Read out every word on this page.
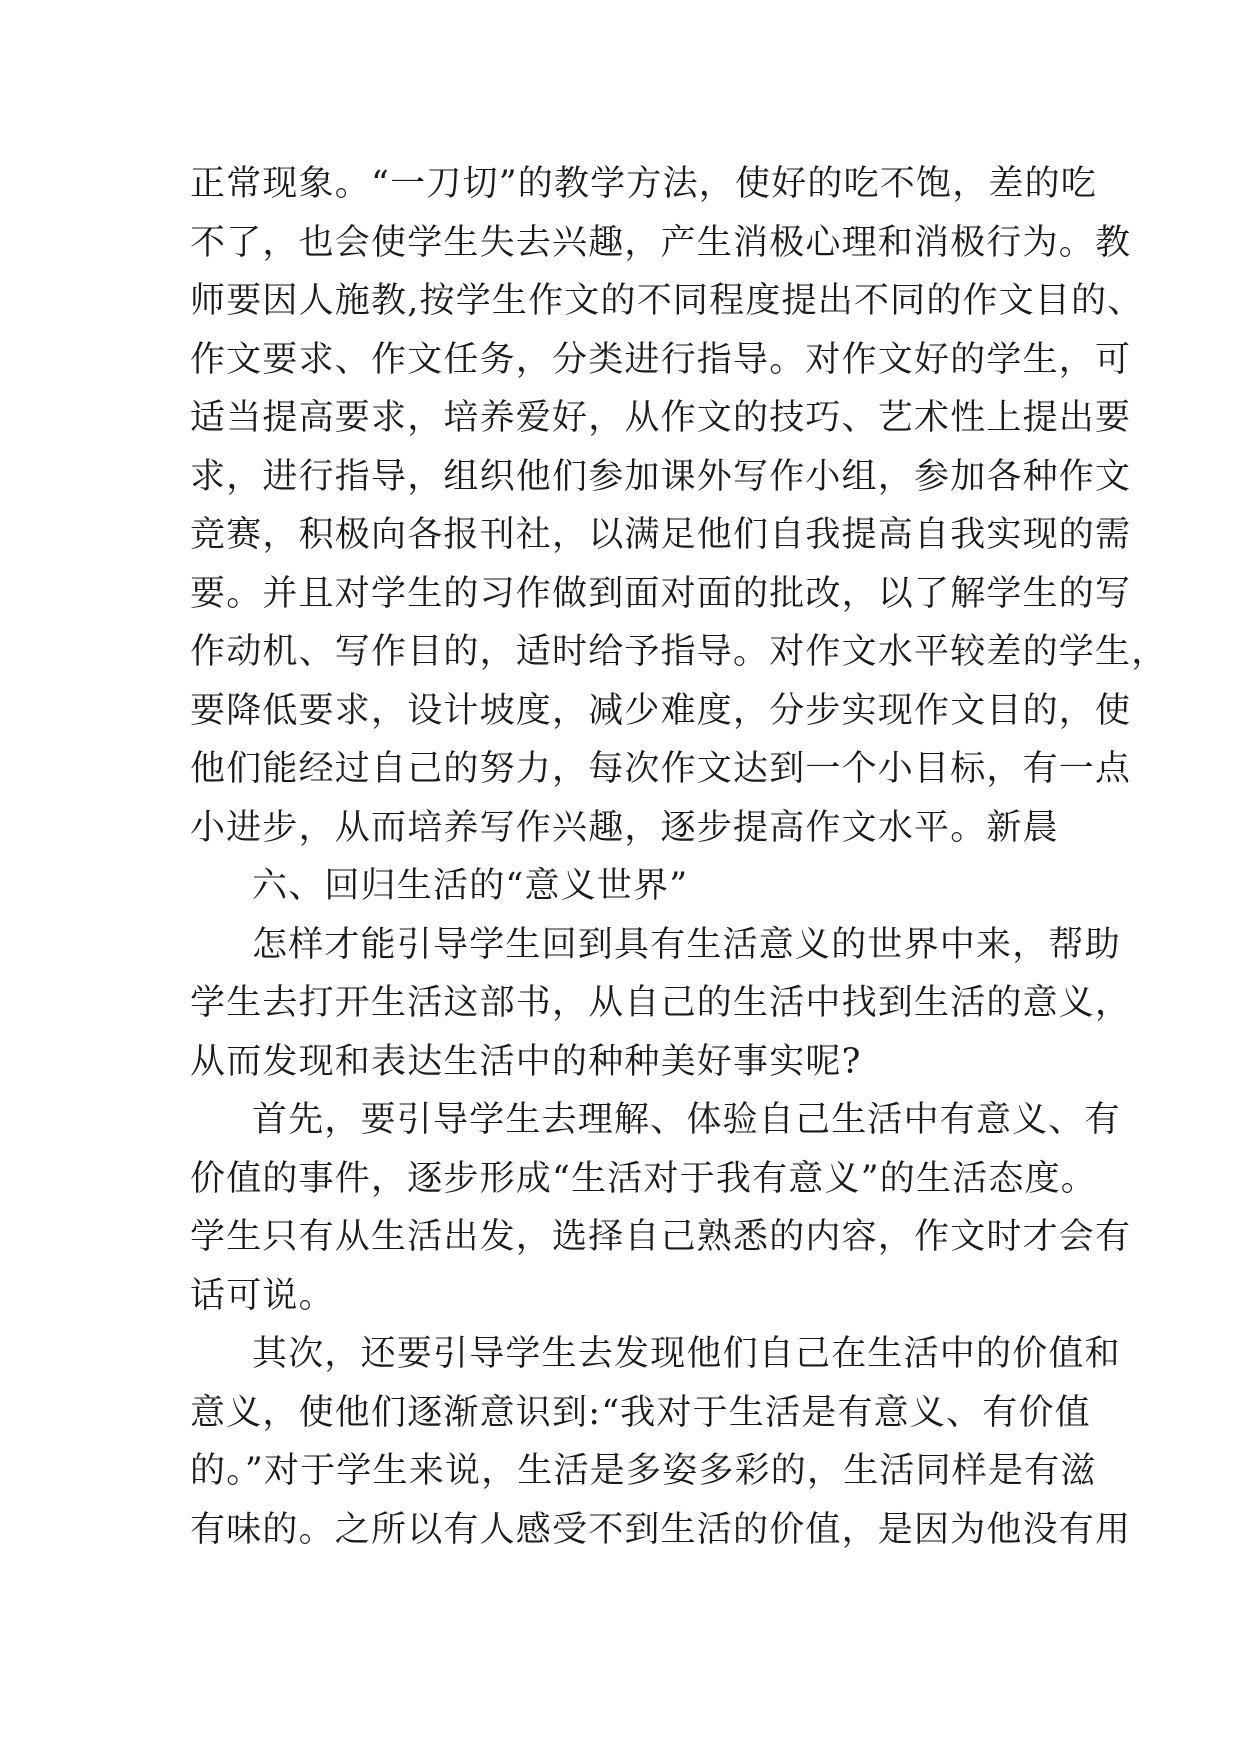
正常现象。“一刀切”的教学方法，使好的吃不饱，差的吃
不了，也会使学生失去兴趣，产生消极心理和消极行为。教
师要因人施教,按学生作文的不同程度提出不同的作文目的、
作文要求、作文任务，分类进行指导。对作文好的学生，可
适当提高要求，培养爱好，从作文的技巧、艺术性上提出要
求，进行指导，组织他们参加课外写作小组，参加各种作文
竞赛，积极向各报刊社，以满足他们自我提高自我实现的需
要。并且对学生的习作做到面对面的批改，以了解学生的写
作动机、写作目的，适时给予指导。对作文水平较差的学生，
要降低要求，设计坡度，减少难度，分步实现作文目的，使
他们能经过自己的努力，每次作文达到一个小目标，有一点
小进步，从而培养写作兴趣，逐步提高作文水平。新晨
六、回归生活的“意义世界”
怎样才能引导学生回到具有生活意义的世界中来，帮助
学生去打开生活这部书，从自己的生活中找到生活的意义，
从而发现和表达生活中的种种美好事实呢?
首先，要引导学生去理解、体验自己生活中有意义、有
价值的事件，逐步形成“生活对于我有意义”的生活态度。
学生只有从生活出发，选择自己熟悉的内容，作文时才会有
话可说。
其次，还要引导学生去发现他们自己在生活中的价值和
意义，使他们逐渐意识到:“我对于生活是有意义、有价值
的。”对于学生来说，生活是多姿多彩的，生活同样是有滋
有味的。之所以有人感受不到生活的价值，是因为他没有用
